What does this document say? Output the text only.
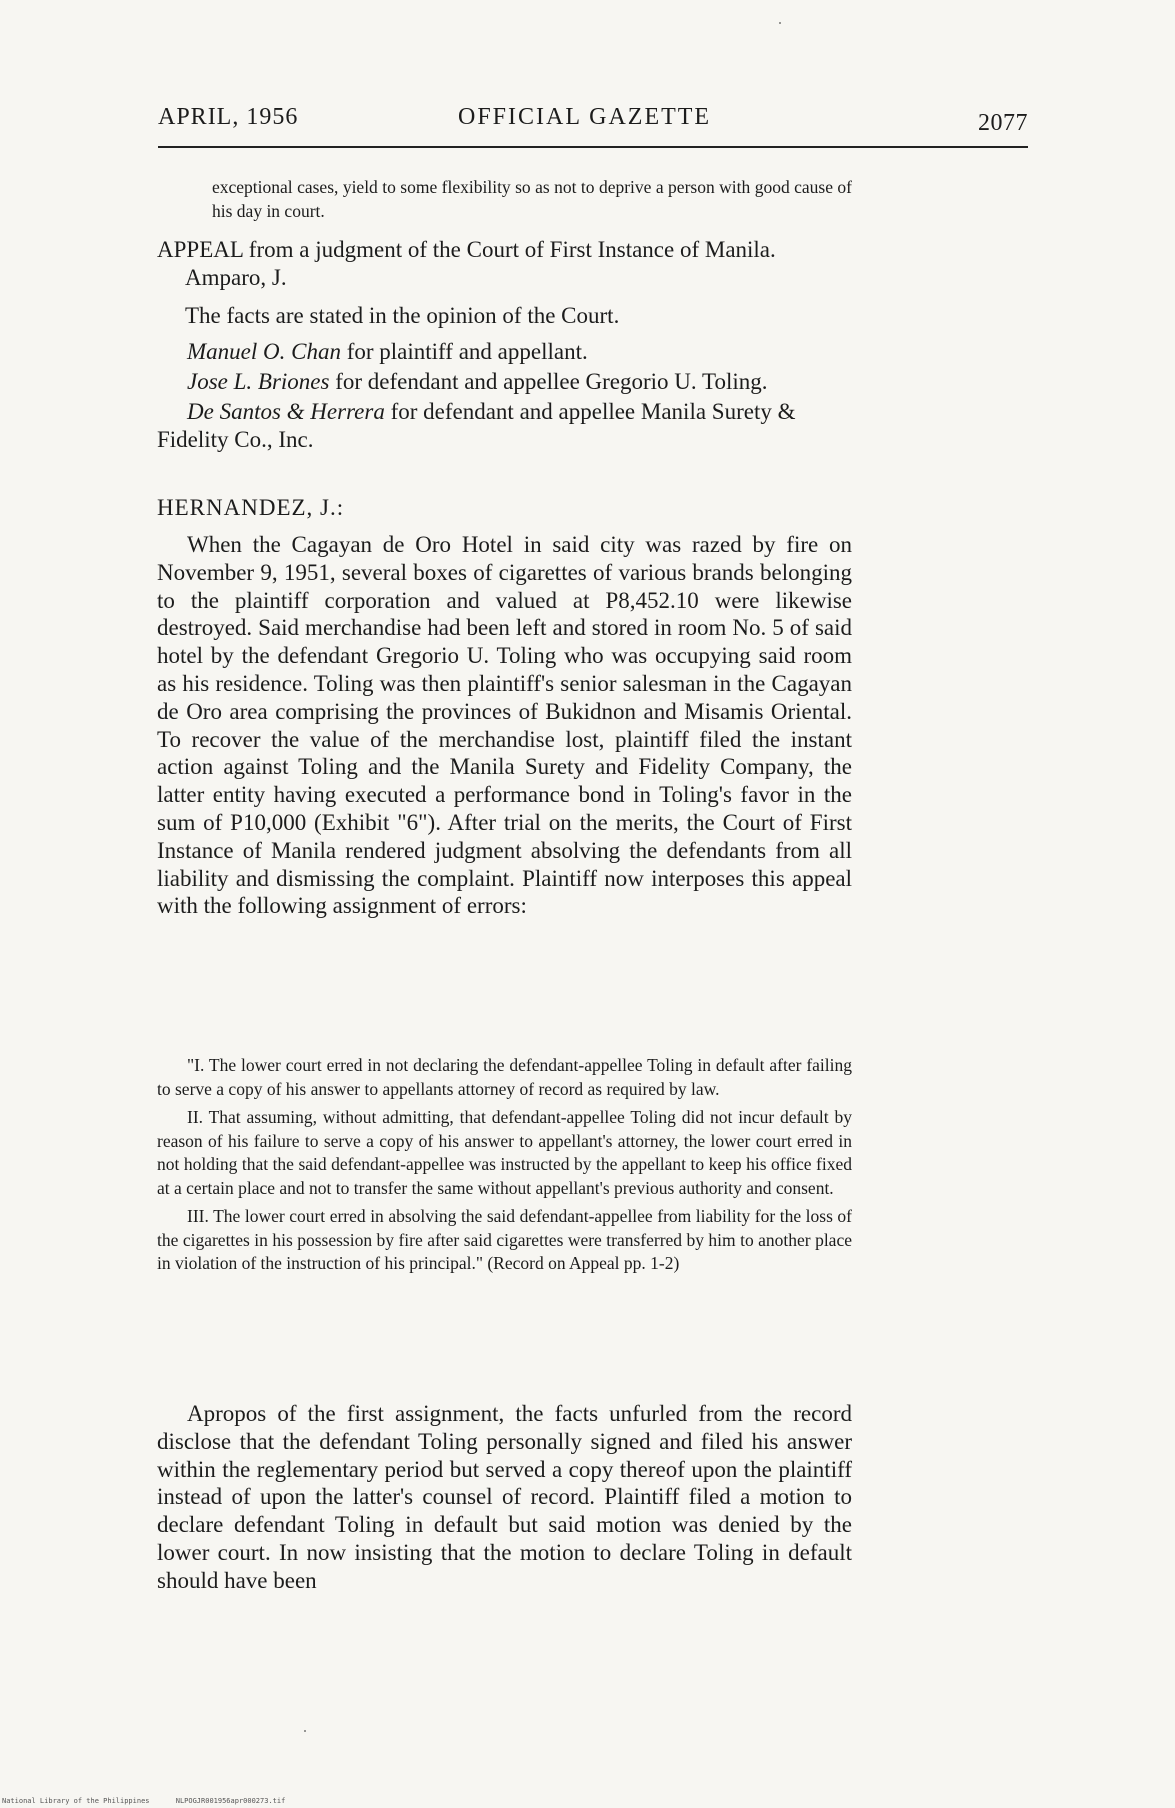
APRIL, 1956	OFFICIAL GAZETTE	2077

exceptional cases, yield to some flexibility so as not to deprive a person with good cause of his day in court.

APPEAL from a judgment of the Court of First Instance of Manila. Amparo, J.

The facts are stated in the opinion of the Court.

Manuel O. Chan for plaintiff and appellant.

Jose L. Briones for defendant and appellee Gregorio U. Toling.

De Santos & Herrera for defendant and appellee Manila Surety & Fidelity Co., Inc.

HERNANDEZ, J.:

When the Cagayan de Oro Hotel in said city was razed by fire on November 9, 1951, several boxes of cigarettes of various brands belonging to the plaintiff corporation and valued at P8,452.10 were likewise destroyed. Said merchandise had been left and stored in room No. 5 of said hotel by the defendant Gregorio U. Toling who was occupying said room as his residence. Toling was then plaintiff's senior salesman in the Cagayan de Oro area comprising the provinces of Bukidnon and Misamis Oriental. To recover the value of the merchandise lost, plaintiff filed the instant action against Toling and the Manila Surety and Fidelity Company, the latter entity having executed a performance bond in Toling's favor in the sum of P10,000 (Exhibit "6"). After trial on the merits, the Court of First Instance of Manila rendered judgment absolving the defendants from all liability and dismissing the complaint. Plaintiff now interposes this appeal with the following assignment of errors:

"I. The lower court erred in not declaring the defendant-appellee Toling in default after failing to serve a copy of his answer to appellants attorney of record as required by law.

II. That assuming, without admitting, that defendant-appellee Toling did not incur default by reason of his failure to serve a copy of his answer to appellant's attorney, the lower court erred in not holding that the said defendant-appellee was instructed by the appellant to keep his office fixed at a certain place and not to transfer the same without appellant's previous authority and consent.

III. The lower court erred in absolving the said defendant-appellee from liability for the loss of the cigarettes in his possession by fire after said cigarettes were transferred by him to another place in violation of the instruction of his principal." (Record on Appeal pp. 1-2)

Apropos of the first assignment, the facts unfurled from the record disclose that the defendant Toling personally signed and filed his answer within the reglementary period but served a copy thereof upon the plaintiff instead of upon the latter's counsel of record. Plaintiff filed a motion to declare defendant Toling in default but said motion was denied by the lower court. In now insisting that the motion to declare Toling in default should have been

National Library of the Philippines	NLPOGJR001956apr000273.tif
